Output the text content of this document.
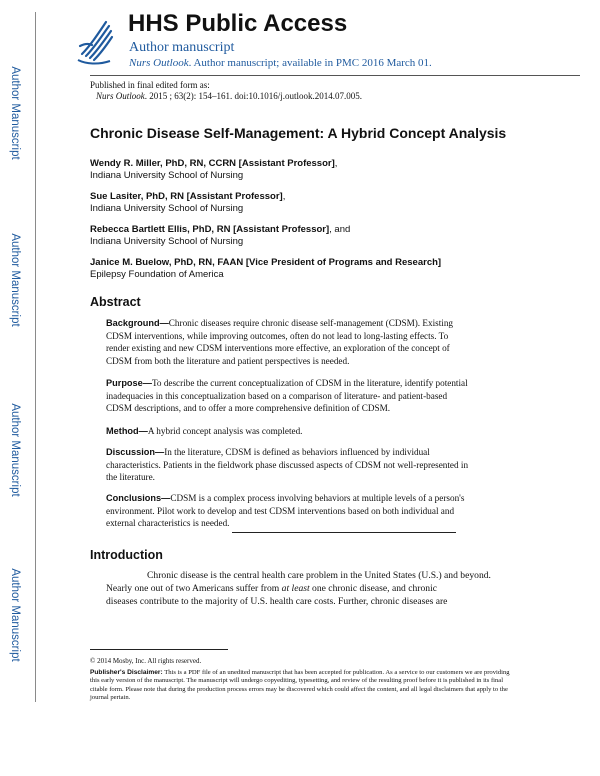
Author Manuscript
Author Manuscript
Author Manuscript
Author Manuscript
HHS Public Access
Author manuscript
Nurs Outlook. Author manuscript; available in PMC 2016 March 01.
Published in final edited form as:
Nurs Outlook. 2015 ; 63(2): 154–161. doi:10.1016/j.outlook.2014.07.005.
Chronic Disease Self-Management: A Hybrid Concept Analysis
Wendy R. Miller, PhD, RN, CCRN [Assistant Professor],
Indiana University School of Nursing
Sue Lasiter, PhD, RN [Assistant Professor],
Indiana University School of Nursing
Rebecca Bartlett Ellis, PhD, RN [Assistant Professor], and
Indiana University School of Nursing
Janice M. Buelow, PhD, RN, FAAN [Vice President of Programs and Research]
Epilepsy Foundation of America
Abstract
Background—Chronic diseases require chronic disease self-management (CDSM). Existing
CDSM interventions, while improving outcomes, often do not lead to long-lasting effects. To
render existing and new CDSM interventions more effective, an exploration of the concept of
CDSM from both the literature and patient perspectives is needed.
Purpose—To describe the current conceptualization of CDSM in the literature, identify potential
inadequacies in this conceptualization based on a comparison of literature- and patient-based
CDSM descriptions, and to offer a more comprehensive definition of CDSM.
Method—A hybrid concept analysis was completed.
Discussion—In the literature, CDSM is defined as behaviors influenced by individual
characteristics. Patients in the fieldwork phase discussed aspects of CDSM not well-represented in
the literature.
Conclusions—CDSM is a complex process involving behaviors at multiple levels of a person's
environment. Pilot work to develop and test CDSM interventions based on both individual and
external characteristics is needed.
Introduction
Chronic disease is the central health care problem in the United States (U.S.) and beyond.
Nearly one out of two Americans suffer from at least one chronic disease, and chronic
diseases contribute to the majority of U.S. health care costs. Further, chronic diseases are
© 2014 Mosby, Inc. All rights reserved.
Publisher's Disclaimer: This is a PDF file of an unedited manuscript that has been accepted for publication. As a service to our customers we are providing this early version of the manuscript. The manuscript will undergo copyediting, typesetting, and review of the resulting proof before it is published in its final citable form. Please note that during the production process errors may be discovered which could affect the content, and all legal disclaimers that apply to the journal pertain.
